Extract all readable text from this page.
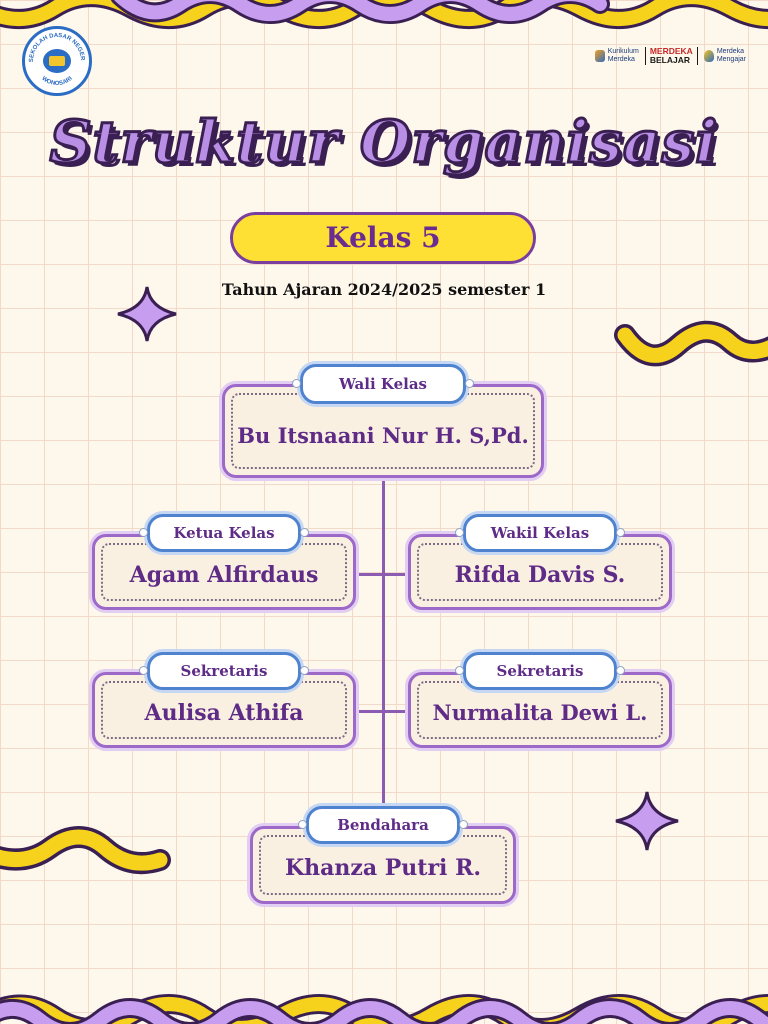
SEKOLAH DASAR NEGER
WONOSARI
Kurikulum
Merdeka
MERDEKA
BELAJAR
Merdeka
Mengajar
Struktur Organisasi
Kelas 5
Tahun Ajaran 2024/2025 semester 1
Bu Itsnaani Nur H. S,Pd.
Wali Kelas
Agam Alfirdaus
Ketua Kelas
Rifda Davis S.
Wakil Kelas
Aulisa Athifa
Sekretaris
Nurmalita Dewi L.
Sekretaris
Khanza Putri R.
Bendahara
